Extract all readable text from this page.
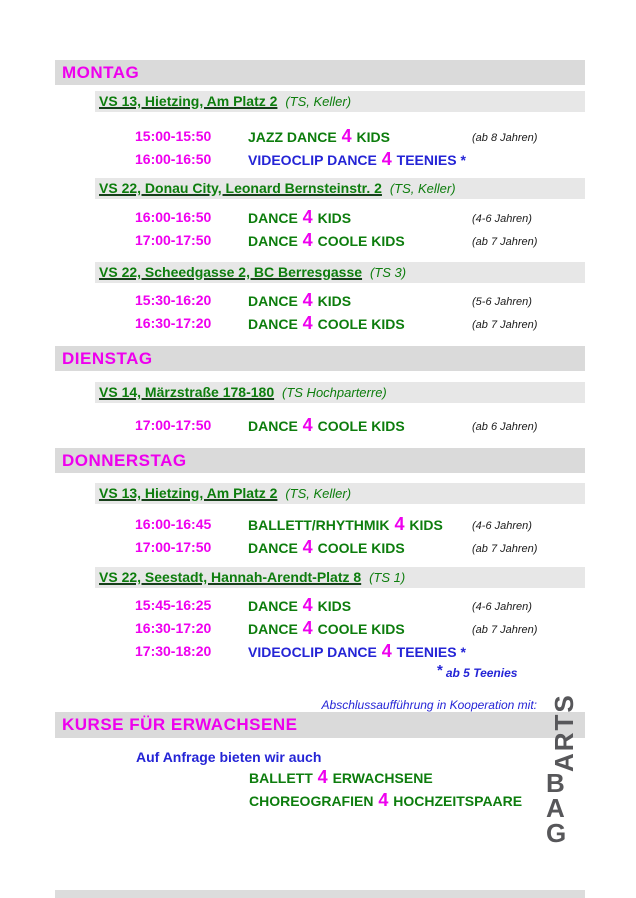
MONTAG
VS 13, Hietzing, Am Platz 2 (TS, Keller)
15:00-15:50	JAZZ DANCE 4 KIDS	(ab 8 Jahren)
16:00-16:50	VIDEOCLIP DANCE 4 TEENIES *
VS 22, Donau City, Leonard Bernsteinstr. 2 (TS, Keller)
16:00-16:50	DANCE 4 KIDS	(4-6 Jahren)
17:00-17:50	DANCE 4 COOLE KIDS	(ab 7 Jahren)
VS 22, Scheedgasse 2, BC Berresgasse (TS 3)
15:30-16:20	DANCE 4 KIDS	(5-6 Jahren)
16:30-17:20	DANCE 4 COOLE KIDS	(ab 7 Jahren)
DIENSTAG
VS 14, Märzstraße 178-180 (TS Hochparterre)
17:00-17:50	DANCE 4 COOLE KIDS	(ab 6 Jahren)
DONNERSTAG
VS 13, Hietzing, Am Platz 2 (TS, Keller)
16:00-16:45	BALLETT/RHYTHMIK 4 KIDS	(4-6 Jahren)
17:00-17:50	DANCE 4 COOLE KIDS	(ab 7 Jahren)
VS 22, Seestadt, Hannah-Arendt-Platz 8 (TS 1)
15:45-16:25	DANCE 4 KIDS	(4-6 Jahren)
16:30-17:20	DANCE 4 COOLE KIDS	(ab 7 Jahren)
17:30-18:20	VIDEOCLIP DANCE 4 TEENIES *
* ab 5 Teenies
Abschlussaufführung in Kooperation mit:
KURSE FÜR ERWACHSENE
Auf Anfrage bieten wir auch
BALLETT 4 ERWACHSENE
CHOREOGRAFIEN 4 HOCHZEITSPAARE
ARTS
B
A
G
